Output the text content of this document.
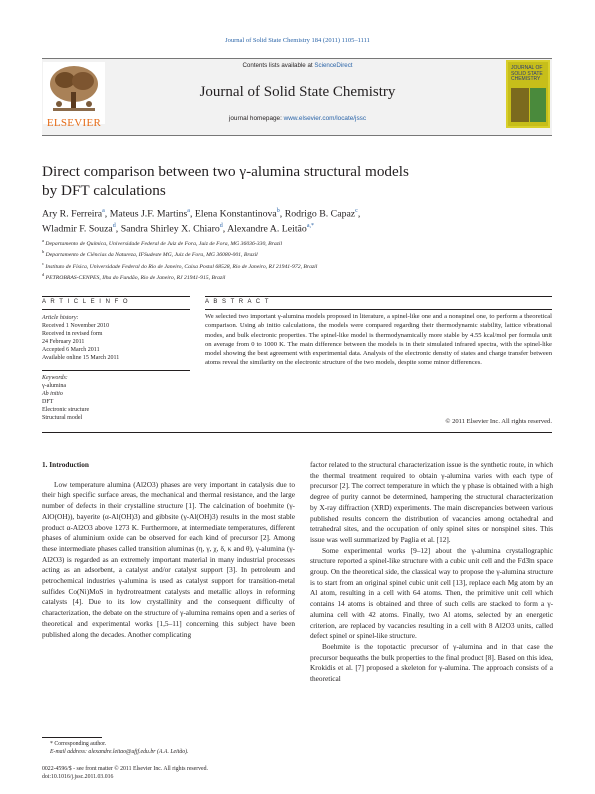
Journal of Solid State Chemistry 184 (2011) 1105–1111
ELSEVIER
Contents lists available at ScienceDirect
Journal of Solid State Chemistry
journal homepage: www.elsevier.com/locate/jssc
JOURNAL OF SOLID STATE CHEMISTRY
Direct comparison between two γ-alumina structural models
by DFT calculations
Ary R. Ferreira$^a$, Mateus J.F. Martins$^a$, Elena Konstantinova$^b$, Rodrigo B. Capaz$^c$,
Wladmir F. Souza$^d$, Sandra Shirley X. Chiaro$^d$, Alexandre A. Leitão$^{a,*}$
$^a$ Departamento de Química, Universidade Federal de Juiz de Fora, Juiz de Fora, MG 36036-330, Brazil
$^b$ Departamento de Ciências da Natureza, IFSudeste MG, Juiz de Fora, MG 36080-001, Brazil
$^c$ Instituto de Física, Universidade Federal do Rio de Janeiro, Caixa Postal 68528, Rio de Janeiro, RJ 21941-972, Brazil
$^d$ PETROBRAS-CENPES, Ilha do Fundão, Rio de Janeiro, RJ 21941-915, Brazil
A R T I C L E I N F O	A B S T R A C T
Article history:
Received 1 November 2010
Received in revised form
24 February 2011
Accepted 6 March 2011
Available online 15 March 2011
Keywords:
γ-alumina
Ab initio
DFT
Electronic structure
Structural model
We selected two important γ-alumina models proposed in literature, a spinel-like one and a nonspinel one, to perform a theoretical comparison. Using ab initio calculations, the models were compared regarding their thermodynamic stability, lattice vibrational modes, and bulk electronic properties. The spinel-like model is thermodynamically more stable by 4.55 kcal/mol per formula unit on average from 0 to 1000 K. The main difference between the models is in their simulated infrared spectra, with the spinel-like model showing the best agreement with experimental data. Analysis of the electronic density of states and charge transfer between atoms reveal the similarity on the electronic structure of the two models, despite some minor differences.
© 2011 Elsevier Inc. All rights reserved.
1. Introduction

Low temperature alumina (Al2O3) phases are very important in catalysis due to their high specific surface areas, the mechanical and thermal resistance, and the large number of defects in their crystalline structure [1]. The calcination of boehmite (γ-AlO(OH)), bayerite (α-Al(OH)3) and gibbsite (γ-Al(OH)3) results in the most stable product α-Al2O3 above 1273 K. Furthermore, at intermediate temperatures, different phases of aluminium oxide can be observed for each kind of precursor [2]. Among these intermediate phases called transition aluminas (η, γ, χ, δ, κ and θ), γ-alumina (γ-Al2O3) is regarded as an extremely important material in many industrial processes acting as an adsorbent, a catalyst and/or catalyst support [3]. In petroleum and petrochemical industries γ-alumina is used as catalyst support for transition-metal sulfides Co(Ni)MoS in hydrotreatment catalysts and metallic alloys in reforming catalysts [4]. Due to its low crystallinity and the consequent difficulty of characterization, the debate on the structure of γ-alumina remains open and a series of theoretical and experimental works [1,5–11] concerning this subject have been published along the decades. Another complicating

factor related to the structural characterization issue is the synthetic route, in which the thermal treatment required to obtain γ-alumina varies with each type of precursor [2]. The correct temperature in which the γ phase is obtained with a high degree of purity cannot be determined, hampering the structural characterization by X-ray diffraction (XRD) experiments. The main discrepancies between various published results concern the distribution of vacancies among octahedral and tetrahedral sites, and the occupation of only spinel sites or nonspinel sites. This issue was well summarized by Paglia et al. [12].

Some experimental works [9–12] about the γ-alumina crystallographic structure reported a spinel-like structure with a cubic unit cell and the Fd3̄m space group. On the theoretical side, the classical way to propose the γ-alumina structure is to start from an original spinel cubic unit cell [13], replace each Mg atom by an Al atom, resulting in a cell with 64 atoms. Then, the primitive unit cell which contains 14 atoms is obtained and three of such cells are stacked to form a γ-alumina cell with 42 atoms. Finally, two Al atoms, selected by an energetic criterion, are replaced by vacancies resulting in a cell with 8 Al2O3 units, called defect spinel or spinel-like structure.

Boehmite is the topotactic precursor of γ-alumina and in that case the precursor bequeaths the bulk properties to the final product [8]. Based on this idea, Krokidis et al. [7] proposed a skeleton for γ-alumina. The approach consists of a theoretical

* Corresponding author.
E-mail address: alexandre.leitao@ufjf.edu.br (A.A. Leitão).
0022-4596/$ - see front matter © 2011 Elsevier Inc. All rights reserved.
doi:10.1016/j.jssc.2011.03.016
